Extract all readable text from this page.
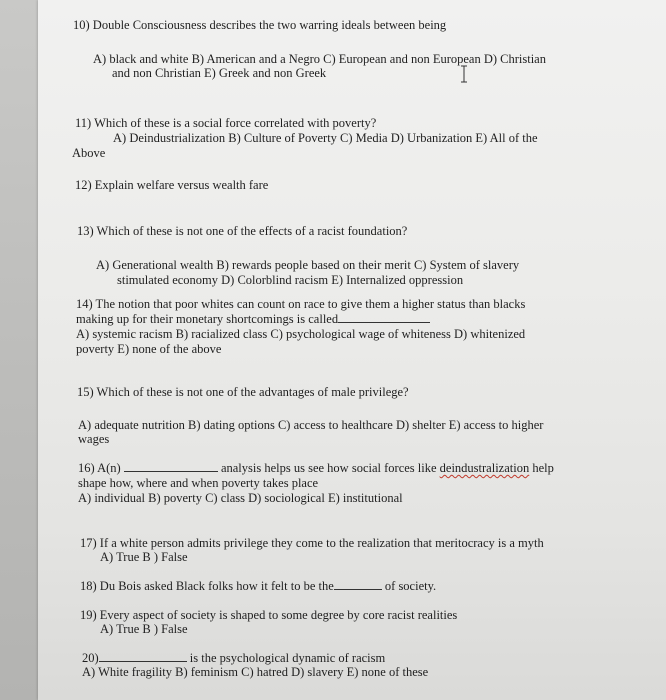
10) Double Consciousness describes the two warring ideals between being
A) black and white B) American and a Negro C) European and non European D) Christian
and non Christian E) Greek and non Greek
11) Which of these is a social force correlated with poverty?
A) Deindustrialization B) Culture of Poverty C) Media D) Urbanization E) All of the
Above
12) Explain welfare versus wealth fare
13) Which of these is not one of the effects of a racist foundation?
A) Generational wealth B) rewards people based on their merit C) System of slavery
stimulated economy D) Colorblind racism E) Internalized oppression
14) The notion that poor whites can count on race to give them a higher status than blacks
making up for their monetary shortcomings is called
A) systemic racism B) racialized class C) psychological wage of whiteness D) whitenized
poverty E) none of the above
15) Which of these is not one of the advantages of male privilege?
A) adequate nutrition B) dating options C) access to healthcare D) shelter E) access to higher
wages
16) A(n)	analysis helps us see how social forces like deindustralization help
shape how, where and when poverty takes place
A) individual B) poverty C) class D) sociological E) institutional
17) If a white person admits privilege they come to the realization that meritocracy is a myth
A) True B ) False
18) Du Bois asked Black folks how it felt to be the	of society.
19) Every aspect of society is shaped to some degree by core racist realities
A) True B ) False
20)	is the psychological dynamic of racism
A) White fragility B) feminism C) hatred D) slavery E) none of these
